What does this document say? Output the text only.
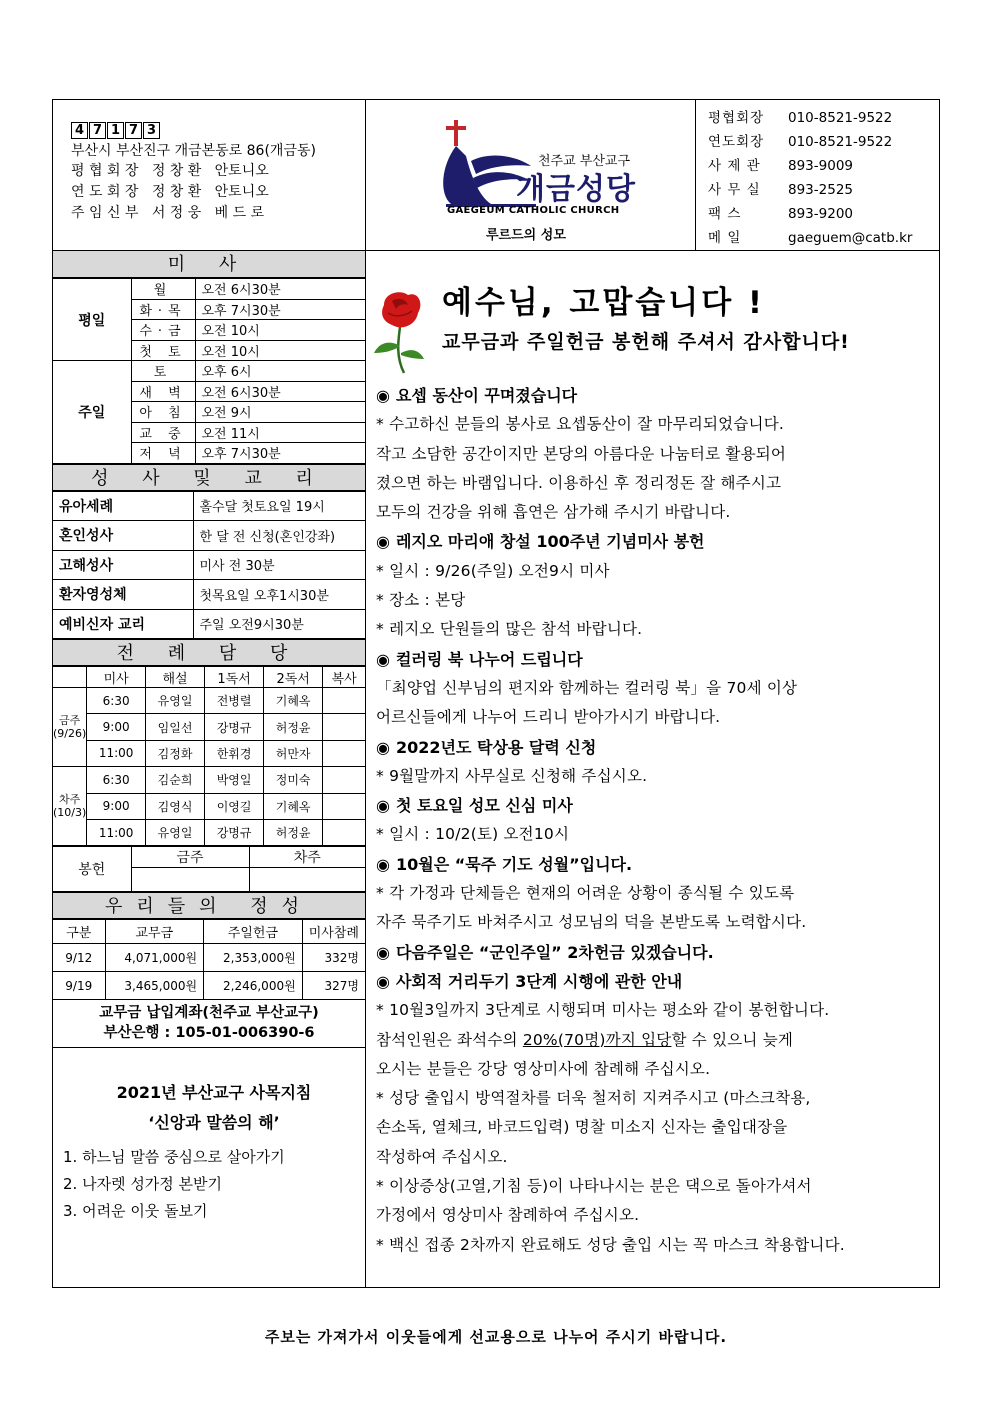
4 7 1 7 3
부산시 부산진구 개금본동로 86(개금동)
평 협 회 장 정 창 환 안토니오
연 도 회 장 정 창 환 안토니오
주 임 신 부 서 정 웅 베 드 로
천주교 부산교구
개금성당
GAEGEUM CATHOLIC CHURCH
루르드의 성모
평협회장	010-8521-9522
연도회장	010-8521-9522
사 제 관	893-9009
사 무 실	893-2525
팩 스	893-9200
메 일	gaeguem@catb.kr
미 사
평일	월	오전 6시30분
	화·목	오후 7시30분
	수·금	오전 10시
	첫 토	오전 10시
주일	토	오후 6시
	새 벽	오전 6시30분
	아 침	오전 9시
	교 중	오전 11시
	저 녁	오후 7시30분
성 사 및 교 리
유아세례	홀수달 첫토요일 19시
혼인성사	한 달 전 신청(혼인강좌)
고해성사	미사 전 30분
환자영성체	첫목요일 오후1시30분
예비신자 교리	주일 오전9시30분
전 례 담 당
	미사	해설	1독서	2독서	복사
금주(9/26)	6:30	유영일	전병렬	기혜옥	
	9:00	임일선	강명규	허정윤	
	11:00	김정화	한휘경	허만자	
차주(10/3)	6:30	김순희	박영일	정미숙	
	9:00	김영식	이영길	기혜옥	
	11:00	유영일	강명규	허정윤	
봉헌	금주	차주

우리들의 정성
구분	교무금	주일헌금	미사참례
9/12	4,071,000원	2,353,000원	332명
9/19	3,465,000원	2,246,000원	327명
교무금 납입계좌(천주교 부산교구)
부산은행 : 105-01-006390-6
2021년 부산교구 사목지침
‘신앙과 말씀의 해’
1. 하느님 말씀 중심으로 살아가기
2. 나자렛 성가정 본받기
3. 어려운 이웃 돌보기
예수님, 고맙습니다 !
교무금과 주일헌금 봉헌해 주셔서 감사합니다!
◉ 요셉 동산이 꾸며졌습니다
* 수고하신 분들의 봉사로 요셉동산이 잘 마무리되었습니다.
작고 소담한 공간이지만 본당의 아름다운 나눔터로 활용되어
졌으면 하는 바램입니다. 이용하신 후 정리정돈 잘 해주시고
모두의 건강을 위해 흡연은 삼가해 주시기 바랍니다.
◉ 레지오 마리애 창설 100주년 기념미사 봉헌
* 일시 : 9/26(주일) 오전9시 미사
* 장소 : 본당
* 레지오 단원들의 많은 참석 바랍니다.
◉ 컬러링 북 나누어 드립니다
「최양업 신부님의 편지와 함께하는 컬러링 북」을 70세 이상
어르신들에게 나누어 드리니 받아가시기 바랍니다.
◉ 2022년도 탁상용 달력 신청
* 9월말까지 사무실로 신청해 주십시오.
◉ 첫 토요일 성모 신심 미사
* 일시 : 10/2(토) 오전10시
◉ 10월은 “묵주 기도 성월”입니다.
* 각 가정과 단체들은 현재의 어려운 상황이 종식될 수 있도록
자주 묵주기도 바쳐주시고 성모님의 덕을 본받도록 노력합시다.
◉ 다음주일은 “군인주일” 2차헌금 있겠습니다.
◉ 사회적 거리두기 3단계 시행에 관한 안내
* 10월3일까지 3단계로 시행되며 미사는 평소와 같이 봉헌합니다.
참석인원은 좌석수의 20%(70명)까지 입당할 수 있으니 늦게
오시는 분들은 강당 영상미사에 참례해 주십시오.
* 성당 출입시 방역절차를 더욱 철저히 지켜주시고 (마스크착용,
손소독, 열체크, 바코드입력) 명찰 미소지 신자는 출입대장을
작성하여 주십시오.
* 이상증상(고열,기침 등)이 나타나시는 분은 댁으로 돌아가셔서
가정에서 영상미사 참례하여 주십시오.
* 백신 접종 2차까지 완료해도 성당 출입 시는 꼭 마스크 착용합니다.
주보는 가져가서 이웃들에게 선교용으로 나누어 주시기 바랍니다.
